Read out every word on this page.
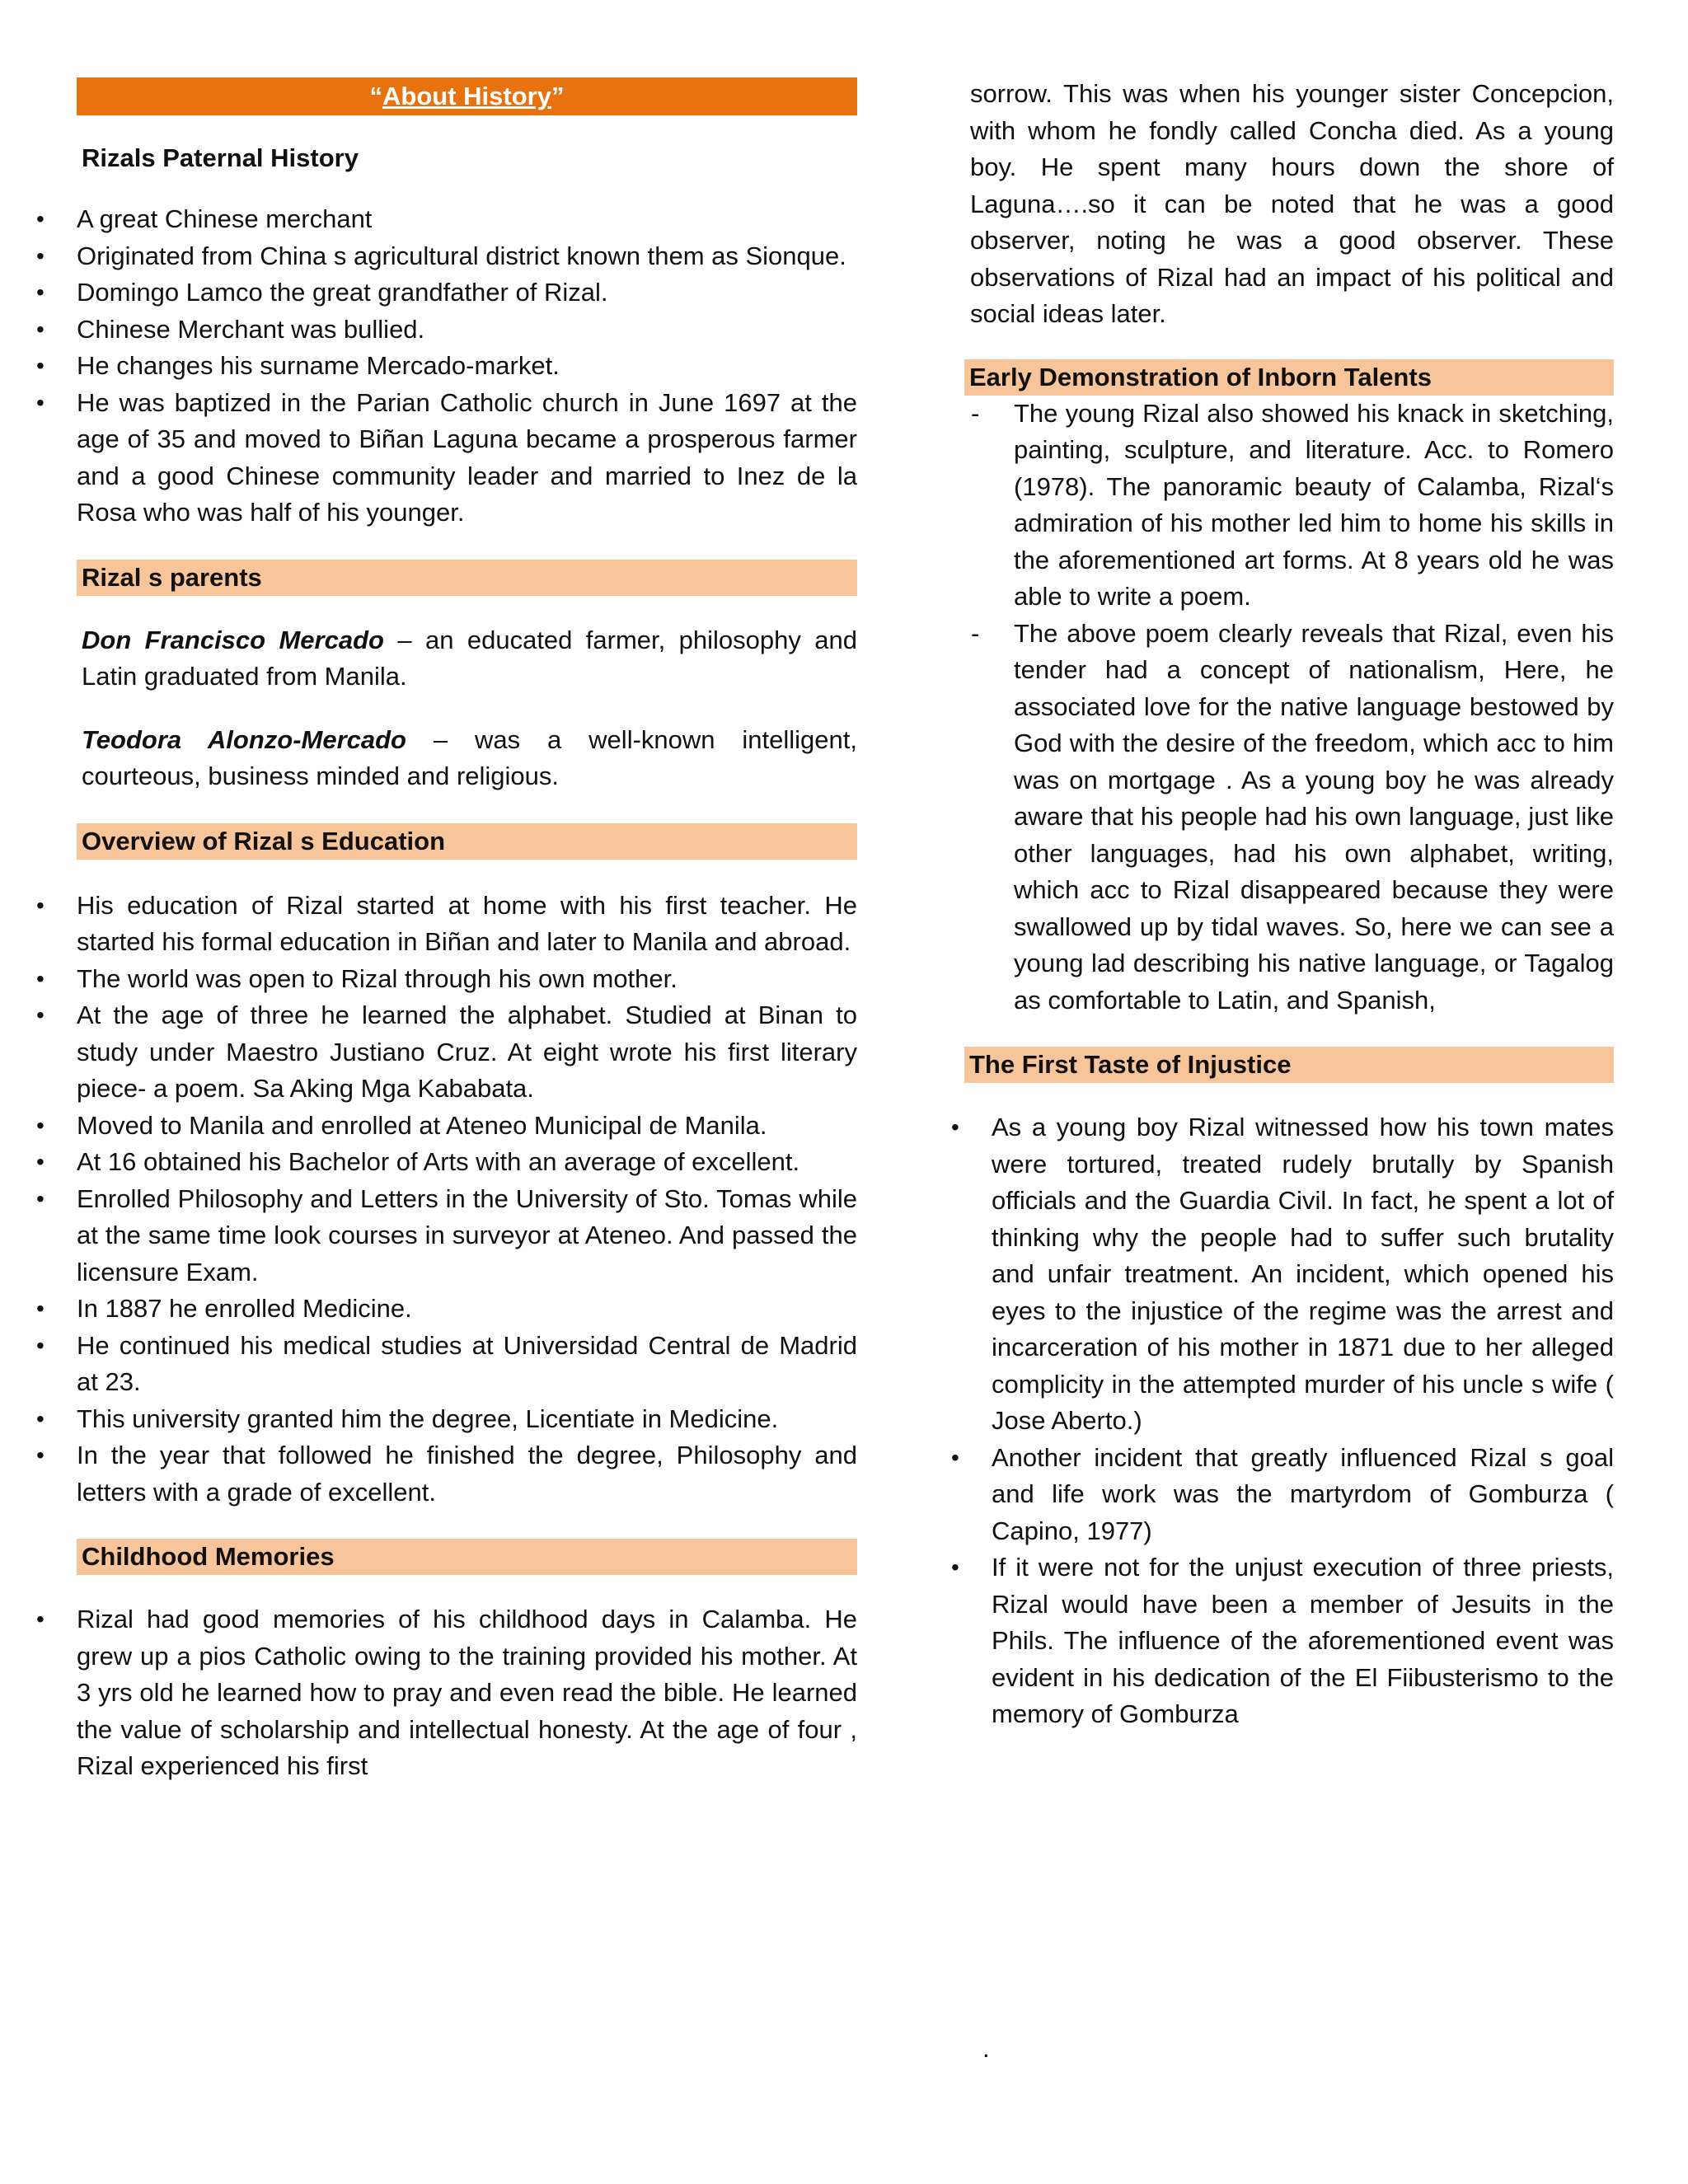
“About History”
Rizals Paternal History
• A great Chinese merchant
• Originated from China s agricultural district known them as Sionque.
• Domingo Lamco the great grandfather of Rizal.
• Chinese Merchant was bullied.
• He changes his surname Mercado-market.
• He was baptized in the Parian Catholic church in June 1697 at the age of 35 and moved to Biñan Laguna became a prosperous farmer and a good Chinese community leader and married to Inez de la Rosa who was half of his younger.
Rizal s parents

Don Francisco Mercado – an educated farmer, philosophy and Latin graduated from Manila.

Teodora Alonzo-Mercado – was a well-known intelligent, courteous, business minded and religious.

Overview of Rizal s Education
• His education of Rizal started at home with his first teacher. He started his formal education in Biñan and later to Manila and abroad.
• The world was open to Rizal through his own mother.
• At the age of three he learned the alphabet. Studied at Binan to study under Maestro Justiano Cruz. At eight wrote his first literary piece- a poem. Sa Aking Mga Kababata.
• Moved to Manila and enrolled at Ateneo Municipal de Manila.
• At 16 obtained his Bachelor of Arts with an average of excellent.
• Enrolled Philosophy and Letters in the University of Sto. Tomas while at the same time look courses in surveyor at Ateneo. And passed the licensure Exam.
• In 1887 he enrolled Medicine.
• He continued his medical studies at Universidad Central de Madrid at 23.
• This university granted him the degree, Licentiate in Medicine.
• In the year that followed he finished the degree, Philosophy and letters with a grade of excellent.
Childhood Memories
• Rizal had good memories of his childhood days in Calamba. He grew up a pios Catholic owing to the training provided his mother. At 3 yrs old he learned how to pray and even read the bible. He learned the value of scholarship and intellectual honesty. At the age of four , Rizal experienced his first

sorrow. This was when his younger sister Concepcion, with whom he fondly called Concha died. As a young boy. He spent many hours down the shore of Laguna….so it can be noted that he was a good observer, noting he was a good observer. These observations of Rizal had an impact of his political and social ideas later.

Early Demonstration of Inborn Talents
- The young Rizal also showed his knack in sketching, painting, sculpture, and literature. Acc. to Romero (1978). The panoramic beauty of Calamba, Rizal‘s admiration of his mother led him to home his skills in the aforementioned art forms. At 8 years old he was able to write a poem.
- The above poem clearly reveals that Rizal, even his tender had a concept of nationalism, Here, he associated love for the native language bestowed by God with the desire of the freedom, which acc to him was on mortgage . As a young boy he was already aware that his people had his own language, just like other languages, had his own alphabet, writing, which acc to Rizal disappeared because they were swallowed up by tidal waves. So, here we can see a young lad describing his native language, or Tagalog as comfortable to Latin, and Spanish,
The First Taste of Injustice
• As a young boy Rizal witnessed how his town mates were tortured, treated rudely brutally by Spanish officials and the Guardia Civil. In fact, he spent a lot of thinking why the people had to suffer such brutality and unfair treatment. An incident, which opened his eyes to the injustice of the regime was the arrest and incarceration of his mother in 1871 due to her alleged complicity in the attempted murder of his uncle s wife ( Jose Aberto.)
• Another incident that greatly influenced Rizal s goal and life work was the martyrdom of Gomburza ( Capino, 1977)
• If it were not for the unjust execution of three priests, Rizal would have been a member of Jesuits in the Phils. The influence of the aforementioned event was evident in his dedication of the El Fiibusterismo to the memory of Gomburza
.
